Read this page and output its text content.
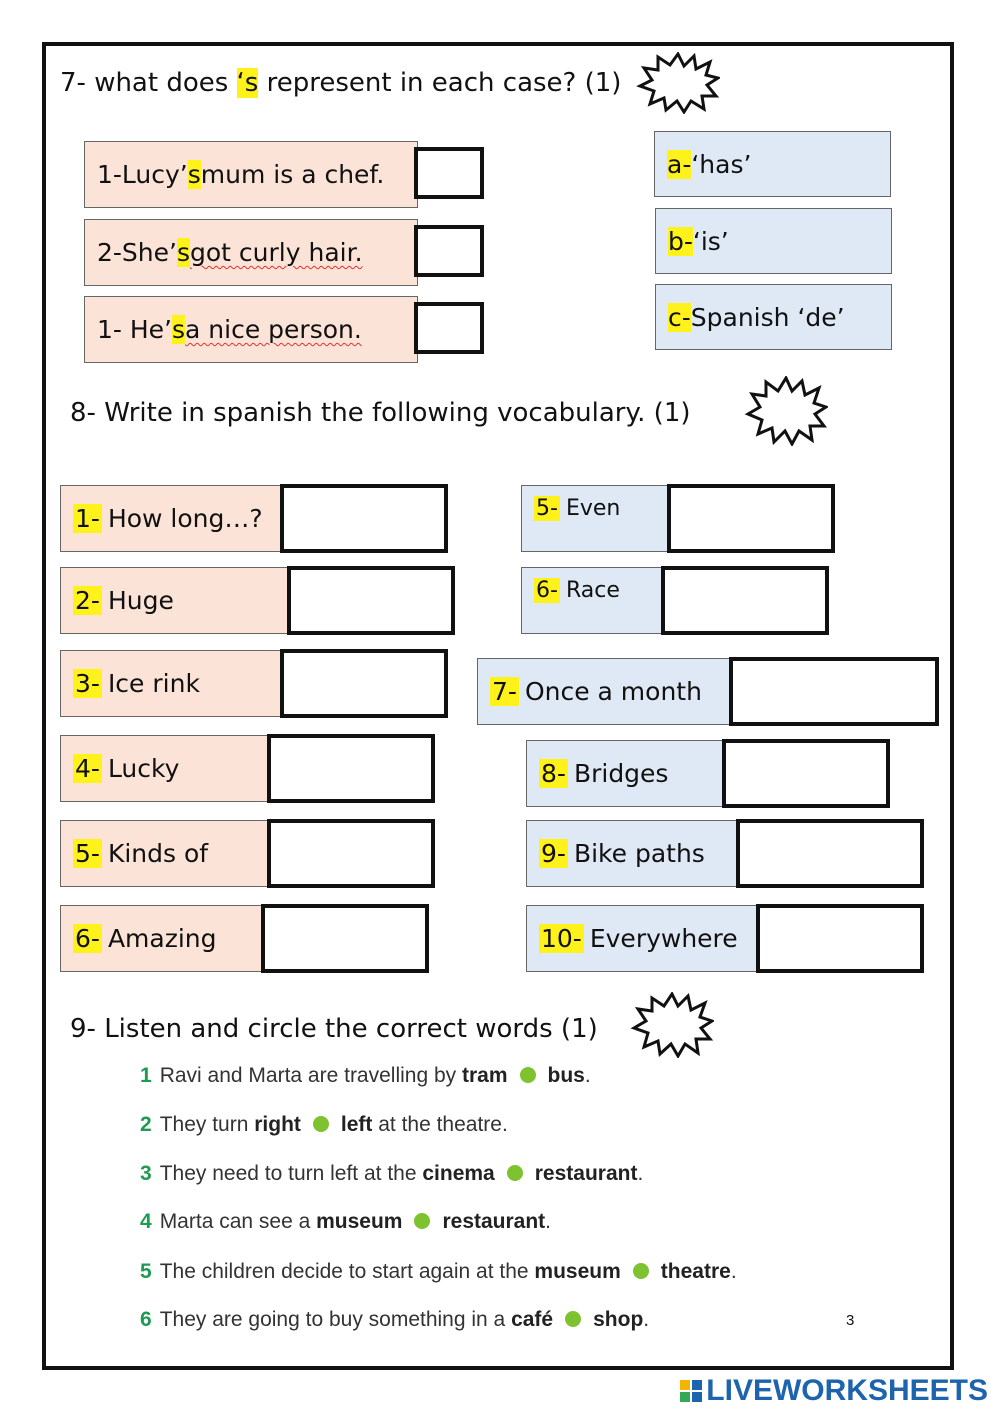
7- what does ‘s represent in each case? (1)
1-Lucy’ s mum is a chef.
2-She’ s got curly hair.
1- He’ s a nice person.
a- ‘has’
b- ‘is’
c- Spanish ‘de’
8- Write in spanish the following vocabulary. (1)
1- How long…?
2- Huge
3- Ice rink
4- Lucky
5- Kinds of
6- Amazing
5- Even
6- Race
7- Once a month
8- Bridges
9- Bike paths
10- Everywhere
9- Listen and circle the correct words (1)
1 Ravi and Marta are travelling by tram bus.
2 They turn right left at the theatre.
3 They need to turn left at the cinema restaurant.
4 Marta can see a museum restaurant.
5 The children decide to start again at the museum theatre.
6 They are going to buy something in a café shop.	3
LIVEWORKSHEETS
